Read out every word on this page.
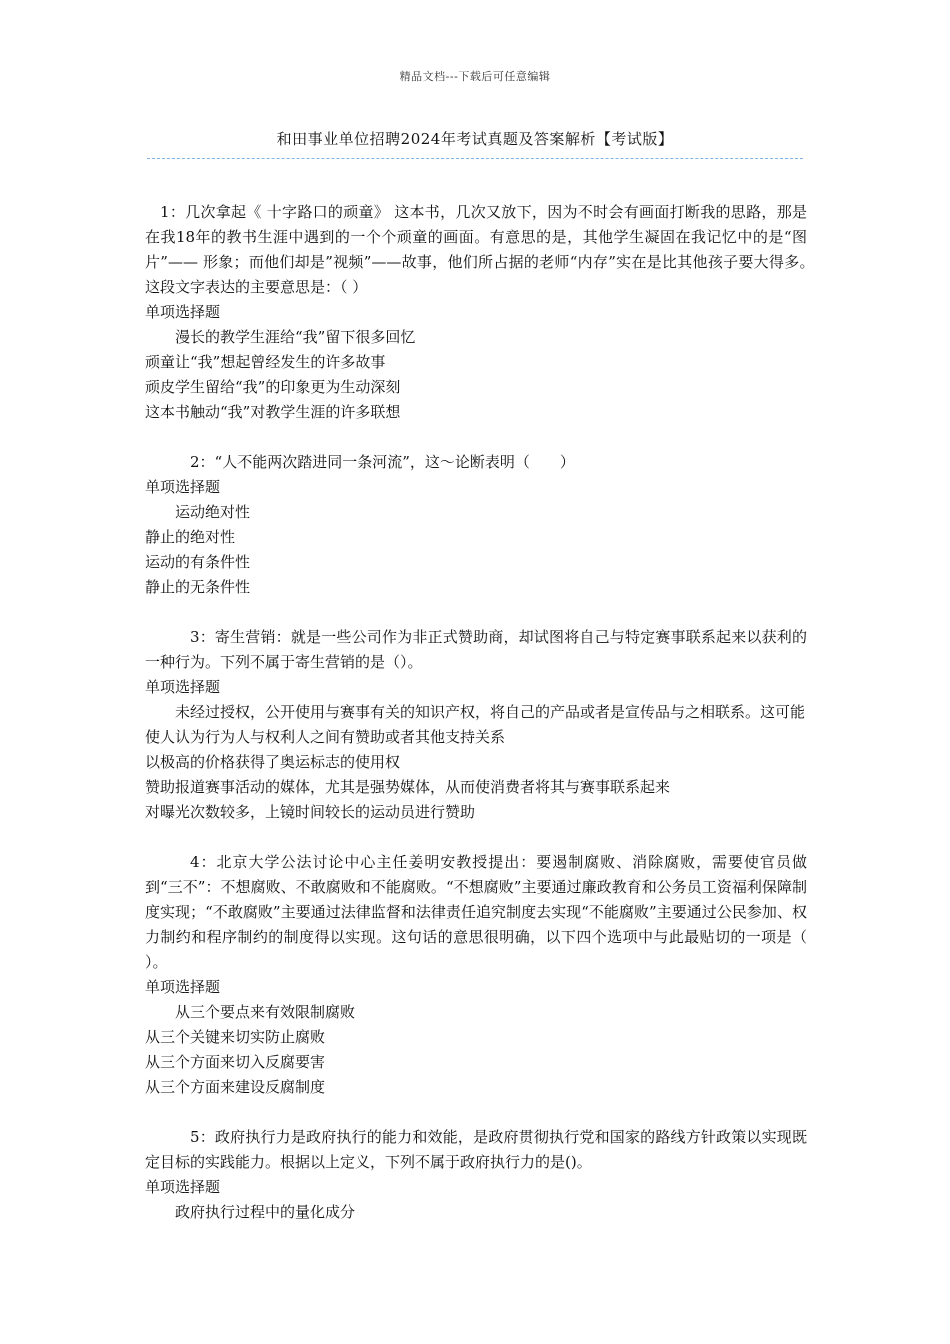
精品文档---下载后可任意编辑
和田事业单位招聘2024年考试真题及答案解析【考试版】
1：几次拿起《 十字路口的顽童》 这本书，几次又放下，因为不时会有画面打断我的思路，那是在我18年的教书生涯中遇到的一个个顽童的画面。有意思的是，其他学生凝固在我记忆中的是“图片”—— 形象；而他们却是”视频”——故事，他们所占据的老师“内存”实在是比其他孩子要大得多。　　这段文字表达的主要意思是：（ ）
单项选择题
漫长的教学生涯给“我”留下很多回忆
顽童让“我”想起曾经发生的许多故事
顽皮学生留给“我”的印象更为生动深刻
这本书触动“我”对教学生涯的许多联想
2：“人不能两次踏进同一条河流”，这～论断表明（　　）
单项选择题
运动绝对性
静止的绝对性
运动的有条件性
静止的无条件性
3：寄生营销：就是一些公司作为非正式赞助商，却试图将自己与特定赛事联系起来以获利的一种行为。下列不属于寄生营销的是（）。
单项选择题
未经过授权，公开使用与赛事有关的知识产权，将自己的产品或者是宣传品与之相联系。这可能使人认为行为人与权利人之间有赞助或者其他支持关系
以极高的价格获得了奥运标志的使用权
赞助报道赛事活动的媒体，尤其是强势媒体，从而使消费者将其与赛事联系起来
对曝光次数较多，上镜时间较长的运动员进行赞助
4：北京大学公法讨论中心主任姜明安教授提出：要遏制腐败、消除腐败，需要使官员做到“三不”：不想腐败、不敢腐败和不能腐败。“不想腐败”主要通过廉政教育和公务员工资福利保障制度实现；“不敢腐败”主要通过法律监督和法律责任追究制度去实现“不能腐败”主要通过公民参加、权力制约和程序制约的制度得以实现。这句话的意思很明确，以下四个选项中与此最贴切的一项是（ ）。
单项选择题
从三个要点来有效限制腐败
从三个关键来切实防止腐败
从三个方面来切入反腐要害
从三个方面来建设反腐制度
5：政府执行力是政府执行的能力和效能，是政府贯彻执行党和国家的路线方针政策以实现既定目标的实践能力。根据以上定义，下列不属于政府执行力的是()。
单项选择题
政府执行过程中的量化成分
